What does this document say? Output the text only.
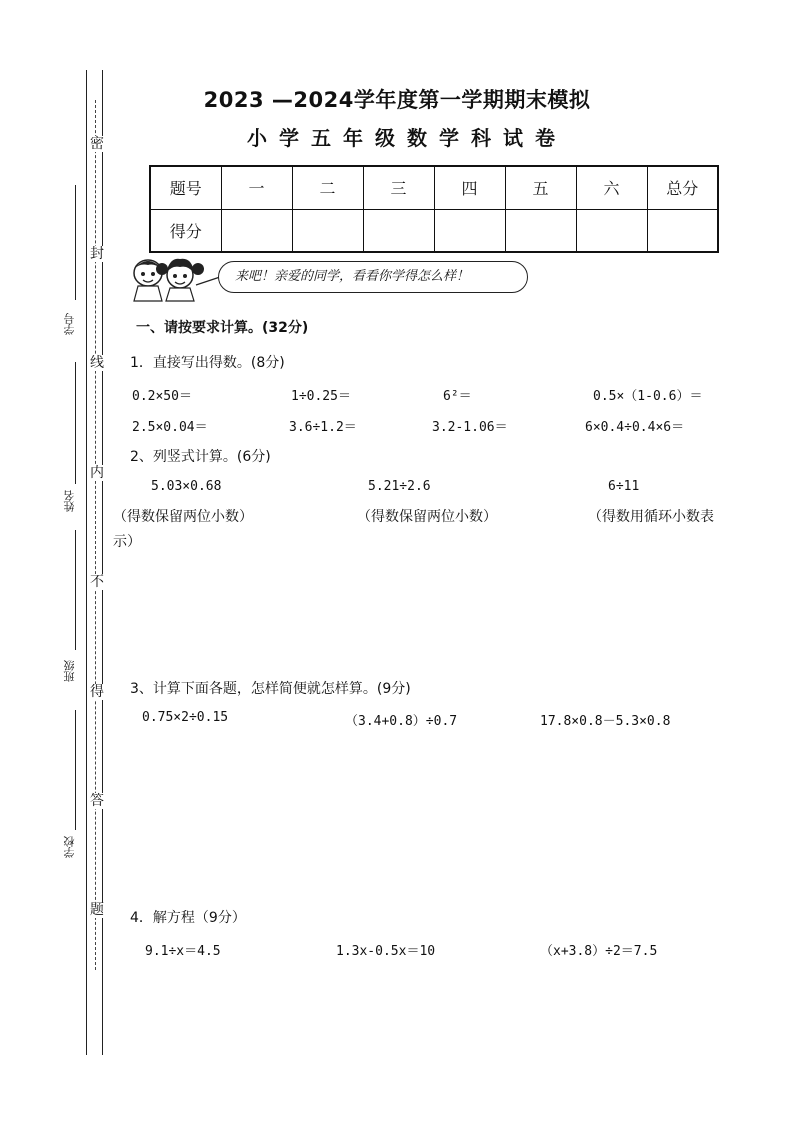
密
封
线
内
不
得
答
题
学号
姓名
班级
学校
2023 —2024学年度第一学期期末模拟
小学五年级数学科试卷
题号	一	二	三	四	五	六	总分
得分							
来吧！亲爱的同学，看看你学得怎么样！
一、请按要求计算。(32分)
1．直接写出得数。(8分)
0.2×50＝	1÷0.25＝	6²＝	0.5×（1-0.6）＝
2.5×0.04＝	3.6÷1.2＝	3.2-1.06＝	6×0.4÷0.4×6＝
2、列竖式计算。(6分)
5.03×0.68	5.21÷2.6	6÷11
（得数保留两位小数）	（得数保留两位小数）	（得数用循环小数表
示）
3、计算下面各题，怎样简便就怎样算。(9分)
0.75×2÷0.15	（3.4+0.8）÷0.7	17.8×0.8－5.3×0.8
4．解方程（9分）
9.1÷x＝4.5	1.3x-0.5x＝10	（x+3.8）÷2＝7.5
